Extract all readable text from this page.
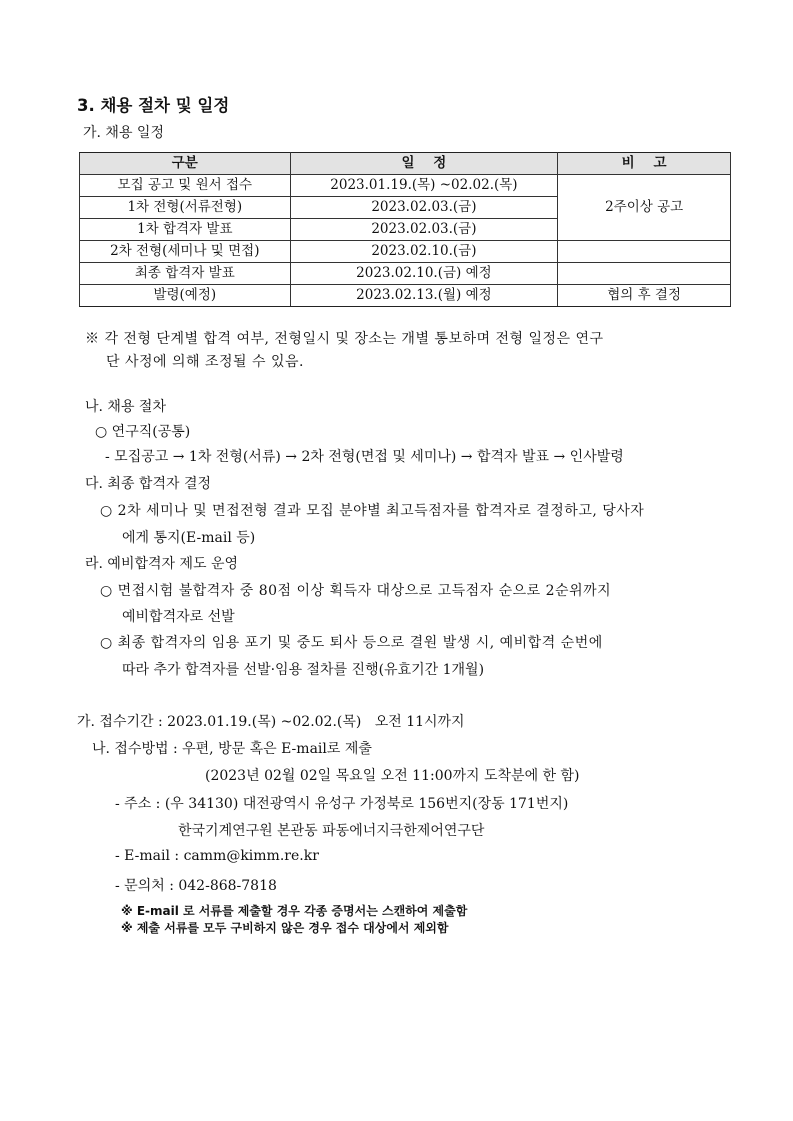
3. 채용 절차 및 일정
가. 채용 일정
구분	일    정	비    고
모집 공고 및 원서 접수	2023.01.19.(목) ~02.02.(목)	2주이상 공고
1차 전형(서류전형)	2023.02.03.(금)	
1차 합격자 발표	2023.02.03.(금)	
2차 전형(세미나 및 면접)	2023.02.10.(금)	
최종 합격자 발표	2023.02.10.(금) 예정	
발령(예정)	2023.02.13.(월) 예정	협의 후 결정
※ 각 전형 단계별 합격 여부, 전형일시 및 장소는 개별 통보하며 전형 일정은 연구
단 사정에 의해 조정될 수 있음.
나. 채용 절차
○ 연구직(공통)
- 모집공고 → 1차 전형(서류) → 2차 전형(면접 및 세미나) → 합격자 발표 → 인사발령
다. 최종 합격자 결정
○ 2차 세미나 및 면접전형 결과 모집 분야별 최고득점자를 합격자로 결정하고, 당사자
에게 통지(E-mail 등)
라. 예비합격자 제도 운영
○ 면접시험 불합격자 중 80점 이상 획득자 대상으로 고득점자 순으로 2순위까지
예비합격자로 선발
○ 최종 합격자의 임용 포기 및 중도 퇴사 등으로 결원 발생 시, 예비합격 순번에
따라 추가 합격자를 선발·임용 절차를 진행(유효기간 1개월)
가. 접수기간 : 2023.01.19.(목) ~02.02.(목)   오전 11시까지
나. 접수방법 : 우편, 방문 혹은 E-mail로 제출
(2023년 02월 02일 목요일 오전 11:00까지 도착분에 한 함)
- 주소 : (우 34130) 대전광역시 유성구 가정북로 156번지(장동 171번지)
한국기계연구원 본관동 파동에너지극한제어연구단
- E-mail : camm@kimm.re.kr
- 문의처 : 042-868-7818
※ E-mail 로 서류를 제출할 경우 각종 증명서는 스캔하여 제출함
※ 제출 서류를 모두 구비하지 않은 경우 접수 대상에서 제외함
